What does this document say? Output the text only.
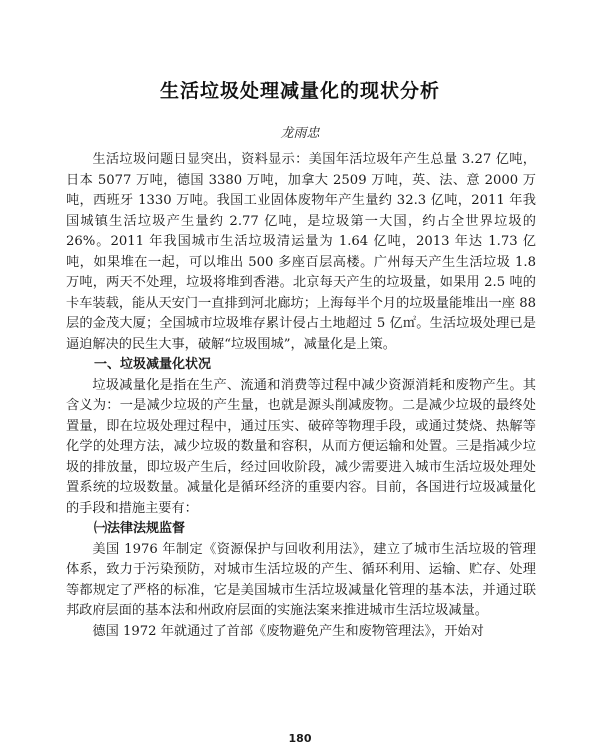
生活垃圾处理减量化的现状分析
龙雨忠

生活垃圾问题日显突出，资料显示：美国年活垃圾年产生总量 3.27 亿吨，日本 5077 万吨，德国 3380 万吨，加拿大 2509 万吨，英、法、意 2000 万吨，西班牙 1330 万吨。我国工业固体废物年产生量约 32.3 亿吨，2011 年我国城镇生活垃圾产生量约 2.77 亿吨，是垃圾第一大国，约占全世界垃圾的 26%。2011 年我国城市生活垃圾清运量为 1.64 亿吨，2013 年达 1.73 亿吨，如果堆在一起，可以堆出 500 多座百层高楼。广州每天产生生活垃圾 1.8 万吨，两天不处理，垃圾将堆到香港。北京每天产生的垃圾量，如果用 2.5 吨的卡车装载，能从天安门一直排到河北廊坊；上海每半个月的垃圾量能堆出一座 88 层的金茂大厦；全国城市垃圾堆存累计侵占土地超过 5 亿㎡。生活垃圾处理已是逼迫解决的民生大事，破解“垃圾围城”，减量化是上策。

一、垃圾减量化状况

垃圾减量化是指在生产、流通和消费等过程中减少资源消耗和废物产生。其含义为：一是减少垃圾的产生量，也就是源头削减废物。二是减少垃圾的最终处置量，即在垃圾处理过程中，通过压实、破碎等物理手段，或通过焚烧、热解等化学的处理方法，减少垃圾的数量和容积，从而方便运输和处置。三是指减少垃圾的排放量，即垃圾产生后，经过回收阶段，减少需要进入城市生活垃圾处理处置系统的垃圾数量。减量化是循环经济的重要内容。目前，各国进行垃圾减量化的手段和措施主要有：

㈠法律法规监督

美国 1976 年制定《资源保护与回收利用法》，建立了城市生活垃圾的管理体系，致力于污染预防，对城市生活垃圾的产生、循环利用、运输、贮存、处理等都规定了严格的标准，它是美国城市生活垃圾减量化管理的基本法，并通过联邦政府层面的基本法和州政府层面的实施法案来推进城市生活垃圾减量。

德国 1972 年就通过了首部《废物避免产生和废物管理法》，开始对

180
